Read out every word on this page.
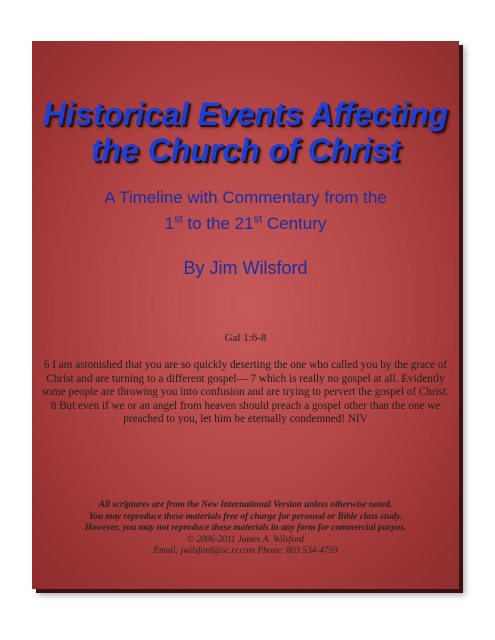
Historical Events Affecting
the Church of Christ
A Timeline with Commentary from the
1st to the 21st Century
By Jim Wilsford
Gal 1:6-8
6 I am astonished that you are so quickly deserting the one who called you by the grace of Christ and are turning to a different gospel— 7 which is really no gospel at all. Evidently some people are throwing you into confusion and are trying to pervert the gospel of Christ. 8 But even if we or an angel from heaven should preach a gospel other than the one we preached to you, let him be eternally condemned! NIV
All scriptures are from the New International Version unless otherwise noted.
You may reproduce these materials free of charge for personal or Bible class study.
However, you may not reproduce these materials in any form for commercial purpos.
© 2006-2011 James A. Wilsford
Email: jwilsford@sc.rr.com Phone: 803 534-4759
